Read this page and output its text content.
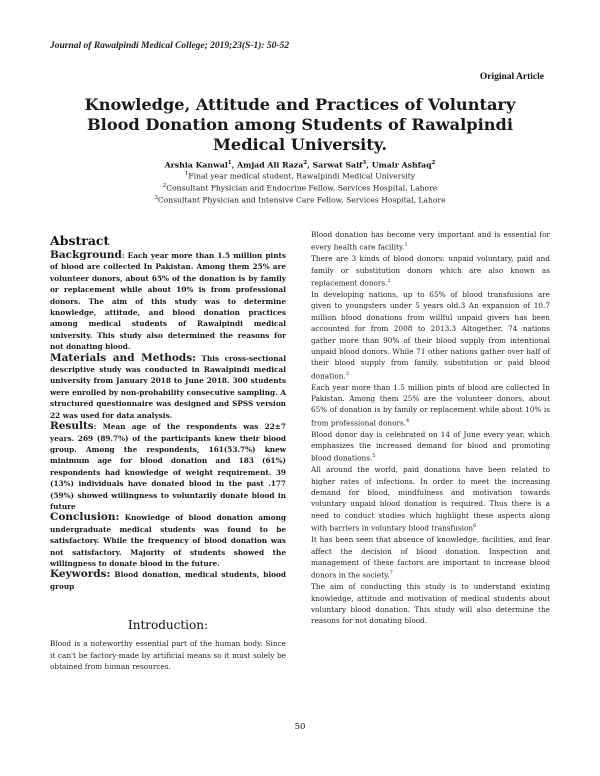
Journal of Rawalpindi Medical College; 2019;23(S-1): 50-52
Original Article
Knowledge, Attitude and Practices of Voluntary Blood Donation among Students of Rawalpindi Medical University.
Arshia Kanwal$^1$, Amjad Ali Raza$^2$, Sarwat Saif$^3$, Umair Ashfaq$^2$
$^1$Final year medical student, Rawalpindi Medical University
$^2$Consultant Physician and Endocrine Fellow, Services Hospital, Lahore
$^3$Consultant Physician and Intensive Care Fellow, Services Hospital, Lahore
Abstract

Background: Each year more than 1.5 million pints of blood are collected In Pakistan. Among them 25% are volunteer donors, about 65% of the donation is by family or replacement while about 10% is from professional donors. The aim of this study was to determine knowledge, attitude, and blood donation practices among medical students of Rawalpindi medical university. This study also determined the reasons for not donating blood.

Materials and Methods: This cross-sectional descriptive study was conducted in Rawalpindi medical university from January 2018 to June 2018. 300 students were enrolled by non-probability consecutive sampling. A structured questionnaire was designed and SPSS version 22 was used for data analysis.

Results: Mean age of the respondents was 22±7 years. 269 (89.7%) of the participants knew their blood group. Among the respondents, 161(53.7%) knew minimum age for blood donation and 183 (61%) respondents had knowledge of weight requirement. 39 (13%) individuals have donated blood in the past .177 (59%) showed willingness to voluntarily donate blood in future

Conclusion: Knowledge of blood donation among undergraduate medical students was found to be satisfactory. While the frequency of blood donation was not satisfactory. Majority of students showed the willingness to donate blood in the future.

Keywords: Blood donation, medical students, blood group

Introduction:

Blood is a noteworthy essential part of the human body. Since it can't be factory-made by artificial means so it must solely be obtained from human resources.

Blood donation has become very important and is essential for every health care facility.$^1$

There are 3 kinds of blood donors: unpaid voluntary, paid and family or substitution donors which are also known as replacement donors.$^2$

In developing nations, up to 65% of blood transfusions are given to youngsters under 5 years old.3 An expansion of 10.7 million blood donations from willful unpaid givers has been accounted for from 2008 to 2013.3 Altogether, 74 nations gather more than 90% of their blood supply from intentional unpaid blood donors. While 71 other nations gather over half of their blood supply from family, substitution or paid blood donation.$^3$

Each year more than 1.5 million pints of blood are collected In Pakistan. Among them 25% are the volunteer donors, about 65% of donation is by family or replacement while about 10% is from professional donors.$^4$

Blood donor day is celebrated on 14 of June every year, which emphasizes the increased demand for blood and promoting blood donations.$^5$

All around the world, paid donations have been related to higher rates of infections. In order to meet the increasing demand for blood, mindfulness and motivation towards voluntary unpaid blood donation is required. Thus there is a need to conduct studies which highlight these aspects along with barriers in voluntary blood transfusion$^6$

It has been seen that absence of knowledge, facilities, and fear affect the decision of blood donation. Inspection and management of these factors are important to increase blood donors in the society.$^7$

The aim of conducting this study is to understand existing knowledge, attitude and motivation of medical students about voluntary blood donation. This study will also determine the reasons for not donating blood.

50
